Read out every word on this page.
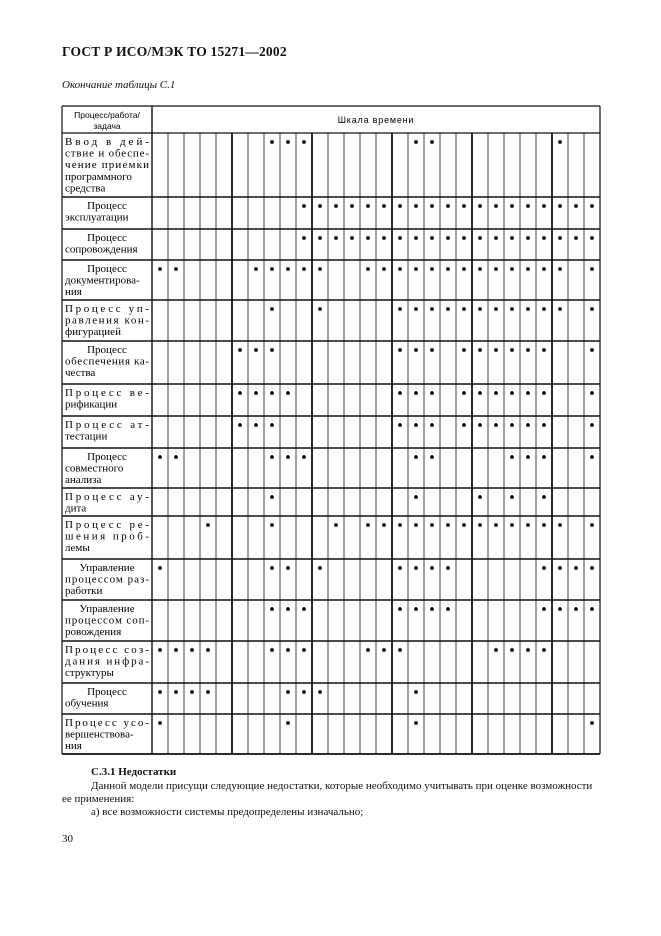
ГОСТ Р ИСО/МЭК ТО 15271—2002
Окончание таблицы С.1
Процесс/работа/
задача
Шкала времени
Ввод в дей-
ствие и обеспе-
чение приемки
программного
средства
Процесс
эксплуатации
Процесс
сопровождения
Процесс
документирова-
ния
Процесс уп-
равления кон-
фигурацией
Процесс
обеспечения ка-
чества
Процесс ве-
рификации
Процесс ат-
тестации
Процесс
совместного
анализа
Процесс ау-
дита
Процесс ре-
шения проб-
лемы
Управление
процессом раз-
работки
Управление
процессом соп-
ровождения
Процесс соз-
дания инфра-
структуры
Процесс
обучения
Процесс усо-
вершенствова-
ния
С.3.1 Недостатки
Данной модели присущи следующие недостатки, которые необходимо учитывать при оценке возможности ее применения:
а) все возможности системы предопределены изначально;
30
